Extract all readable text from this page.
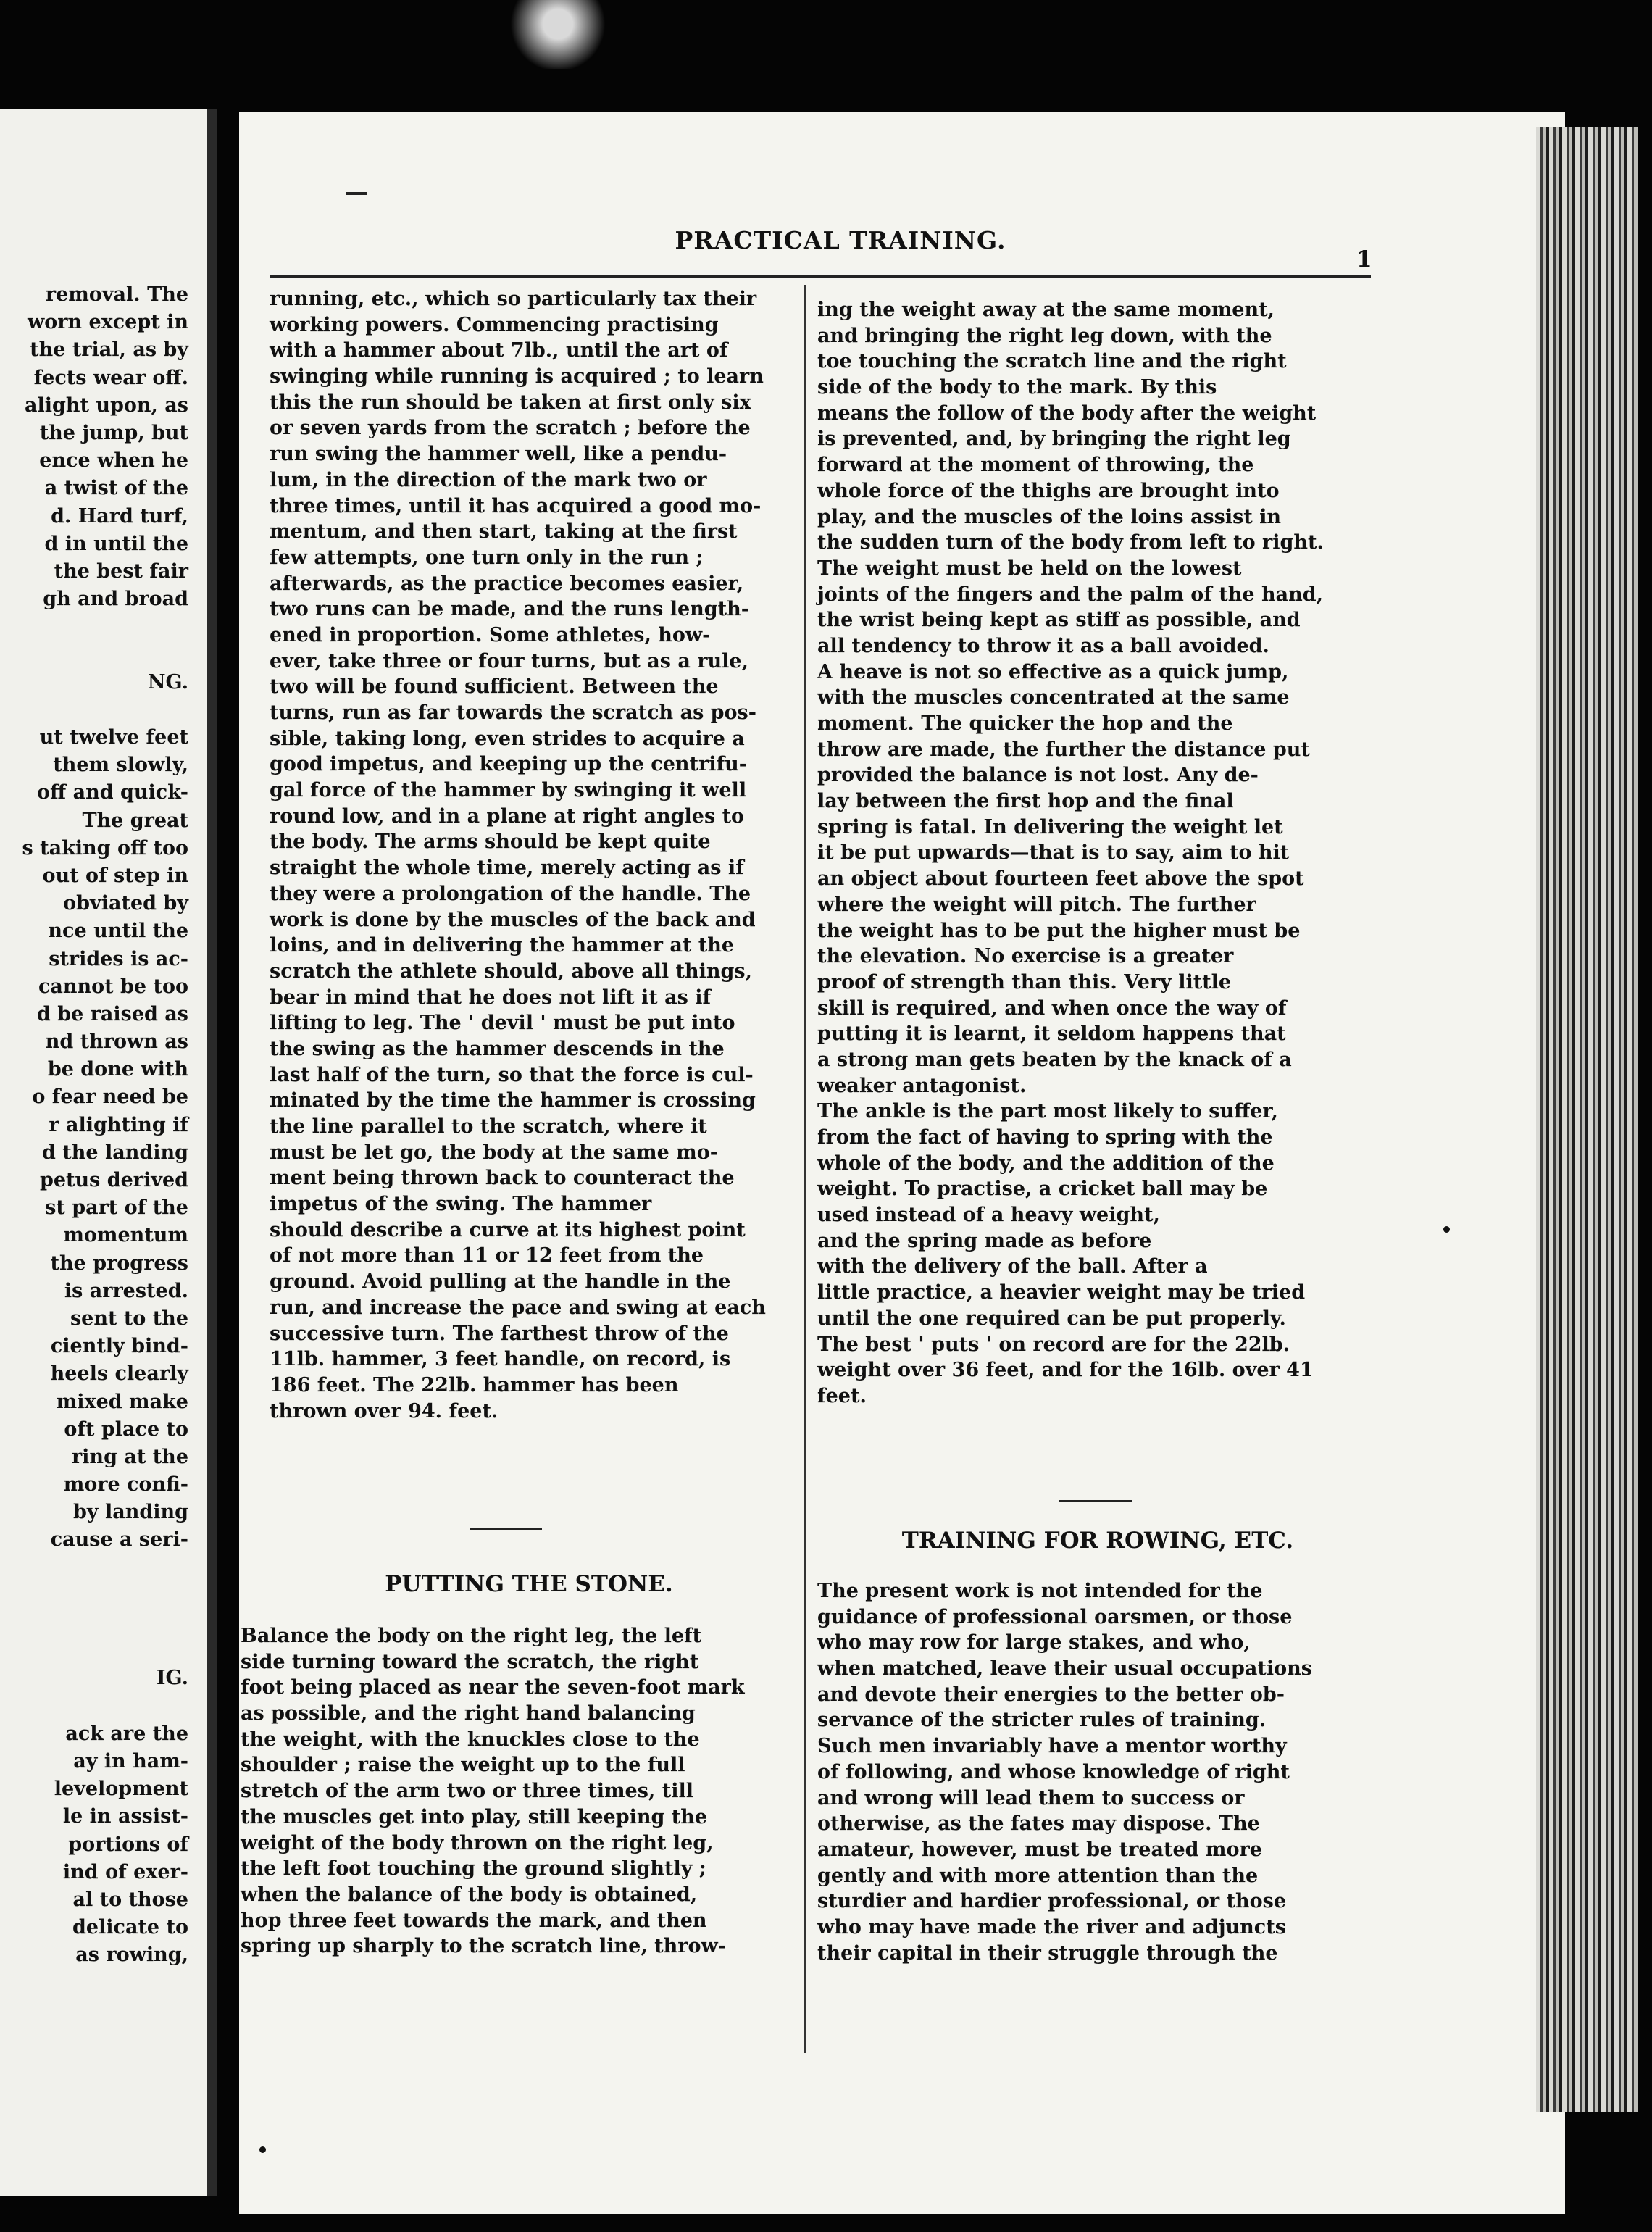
removal. The
worn except in
the trial, as by
fects wear off.
alight upon, as
the jump, but
ence when he
a twist of the
d. Hard turf,
d in until the
the best fair
gh and broad
NG.
ut twelve feet
them slowly,
off and quick-
The great
s taking off too
out of step in
obviated by
nce until the
strides is ac-
cannot be too
d be raised as
nd thrown as
be done with
o fear need be
r alighting if
d the landing
petus derived
st part of the
momentum
the progress
is arrested.
sent to the
ciently bind-
heels clearly
mixed make
oft place to
ring at the
more confi-
by landing
cause a seri-
IG.
ack are the
ay in ham-
levelopment
le in assist-
portions of
ind of exer-
al to those
delicate to
as rowing,
PRACTICAL TRAINING.
1
running, etc., which so particularly tax their
working powers. Commencing practising
with a hammer about 7lb., until the art of
swinging while running is acquired ; to learn
this the run should be taken at first only six
or seven yards from the scratch ; before the
run swing the hammer well, like a pendu-
lum, in the direction of the mark two or
three times, until it has acquired a good mo-
mentum, and then start, taking at the first
few attempts, one turn only in the run ;
afterwards, as the practice becomes easier,
two runs can be made, and the runs length-
ened in proportion. Some athletes, how-
ever, take three or four turns, but as a rule,
two will be found sufficient. Between the
turns, run as far towards the scratch as pos-
sible, taking long, even strides to acquire a
good impetus, and keeping up the centrifu-
gal force of the hammer by swinging it well
round low, and in a plane at right angles to
the body. The arms should be kept quite
straight the whole time, merely acting as if
they were a prolongation of the handle. The
work is done by the muscles of the back and
loins, and in delivering the hammer at the
scratch the athlete should, above all things,
bear in mind that he does not lift it as if
lifting to leg. The ' devil ' must be put into
the swing as the hammer descends in the
last half of the turn, so that the force is cul-
minated by the time the hammer is crossing
the line parallel to the scratch, where it
must be let go, the body at the same mo-
ment being thrown back to counteract the
impetus of the swing. The hammer
should describe a curve at its highest point
of not more than 11 or 12 feet from the
ground. Avoid pulling at the handle in the
run, and increase the pace and swing at each
successive turn. The farthest throw of the
11lb. hammer, 3 feet handle, on record, is
186 feet. The 22lb. hammer has been
thrown over 94. feet.
PUTTING THE STONE.
Balance the body on the right leg, the left
side turning toward the scratch, the right
foot being placed as near the seven-foot mark
as possible, and the right hand balancing
the weight, with the knuckles close to the
shoulder ; raise the weight up to the full
stretch of the arm two or three times, till
the muscles get into play, still keeping the
weight of the body thrown on the right leg,
the left foot touching the ground slightly ;
when the balance of the body is obtained,
hop three feet towards the mark, and then
spring up sharply to the scratch line, throw-
ing the weight away at the same moment,
and bringing the right leg down, with the
toe touching the scratch line and the right
side of the body to the mark. By this
means the follow of the body after the weight
is prevented, and, by bringing the right leg
forward at the moment of throwing, the
whole force of the thighs are brought into
play, and the muscles of the loins assist in
the sudden turn of the body from left to right.
The weight must be held on the lowest
joints of the fingers and the palm of the hand,
the wrist being kept as stiff as possible, and
all tendency to throw it as a ball avoided.
A heave is not so effective as a quick jump,
with the muscles concentrated at the same
moment. The quicker the hop and the
throw are made, the further the distance put
provided the balance is not lost. Any de-
lay between the first hop and the final
spring is fatal. In delivering the weight let
it be put upwards—that is to say, aim to hit
an object about fourteen feet above the spot
where the weight will pitch. The further
the weight has to be put the higher must be
the elevation. No exercise is a greater
proof of strength than this. Very little
skill is required, and when once the way of
putting it is learnt, it seldom happens that
a strong man gets beaten by the knack of a
weaker antagonist.
The ankle is the part most likely to suffer,
from the fact of having to spring with the
whole of the body, and the addition of the
weight. To practise, a cricket ball may be
used instead of a heavy weight,
and the spring made as before
with the delivery of the ball. After a
little practice, a heavier weight may be tried
until the one required can be put properly.
The best ' puts ' on record are for the 22lb.
weight over 36 feet, and for the 16lb. over 41
feet.
TRAINING FOR ROWING, ETC.
The present work is not intended for the
guidance of professional oarsmen, or those
who may row for large stakes, and who,
when matched, leave their usual occupations
and devote their energies to the better ob-
servance of the stricter rules of training.
Such men invariably have a mentor worthy
of following, and whose knowledge of right
and wrong will lead them to success or
otherwise, as the fates may dispose. The
amateur, however, must be treated more
gently and with more attention than the
sturdier and hardier professional, or those
who may have made the river and adjuncts
their capital in their struggle through the
